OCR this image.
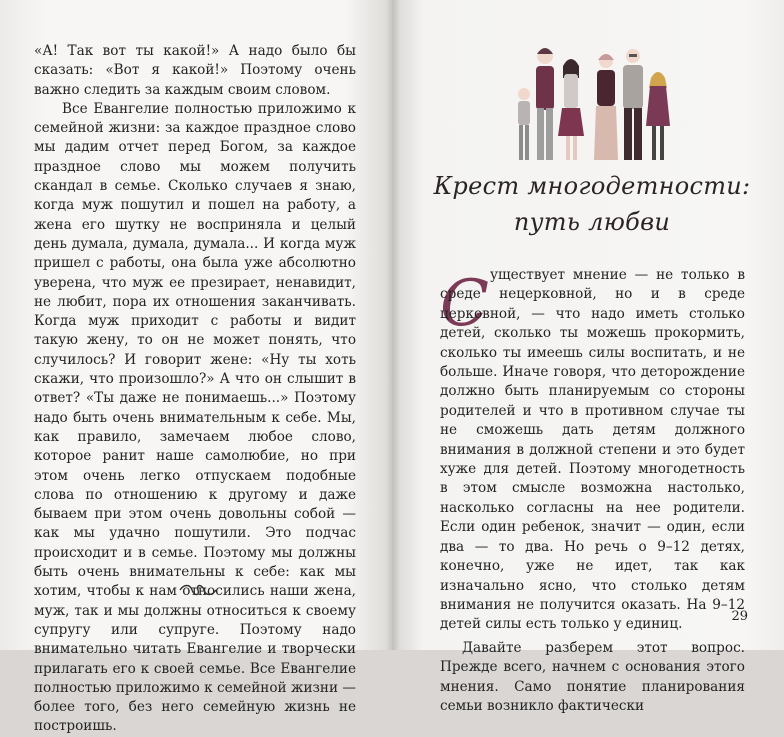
«А! Так вот ты какой!» А надо было бы сказать: «Вот я какой!» Поэтому очень важно следить за каждым своим словом.

Все Евангелие полностью приложимо к семейной жизни: за каждое праздное слово мы дадим отчет перед Богом, за каждое праздное слово мы можем получить скандал в семье. Сколько случаев я знаю, когда муж пошутил и пошел на работу, а жена его шутку не восприняла и целый день думала, думала, думала... И когда муж пришел с работы, она была уже абсолютно уверена, что муж ее презирает, ненавидит, не любит, пора их отношения заканчивать. Когда муж приходит с работы и видит такую жену, то он не может понять, что случилось? И говорит жене: «Ну ты хоть скажи, что произошло?» А что он слышит в ответ? «Ты даже не понимаешь...» Поэтому надо быть очень внимательным к себе. Мы, как правило, замечаем любое слово, которое ранит наше самолюбие, но при этом очень легко отпускаем подобные слова по отношению к другому и даже бываем при этом очень довольны собой — как мы удачно пошутили. Это подчас происходит и в семье. Поэтому мы должны быть очень внимательны к себе: как мы хотим, чтобы к нам относились наши жена, муж, так и мы должны относиться к своему супругу или супруге. Поэтому надо внимательно читать Евангелие и творчески прилагать его к своей семье. Все Евангелие полностью приложимо к семейной жизни — более того, без него семейную жизнь не построишь.

Крест многодетности:
путь любви
С уществует мнение — не только в среде нецерковной, но и в среде церковной, — что надо иметь столько детей, сколько ты можешь прокормить, сколько ты имеешь силы воспитать, и не больше. Иначе говоря, что деторождение должно быть планируемым со стороны родителей и что в противном случае ты не сможешь дать детям должного внимания в должной степени и это будет хуже для детей. Поэтому многодетность в этом смысле возможна настолько, насколько согласны на нее родители. Если один ребенок, значит — один, если два — то два. Но речь о 9–12 детях, конечно, уже не идет, так как изначально ясно, что столько детям внимания не получится оказать. На 9–12 детей силы есть только у единиц.

Давайте разберем этот вопрос. Прежде всего, начнем с основания этого мнения. Само понятие планирования семьи возникло фактически

29
